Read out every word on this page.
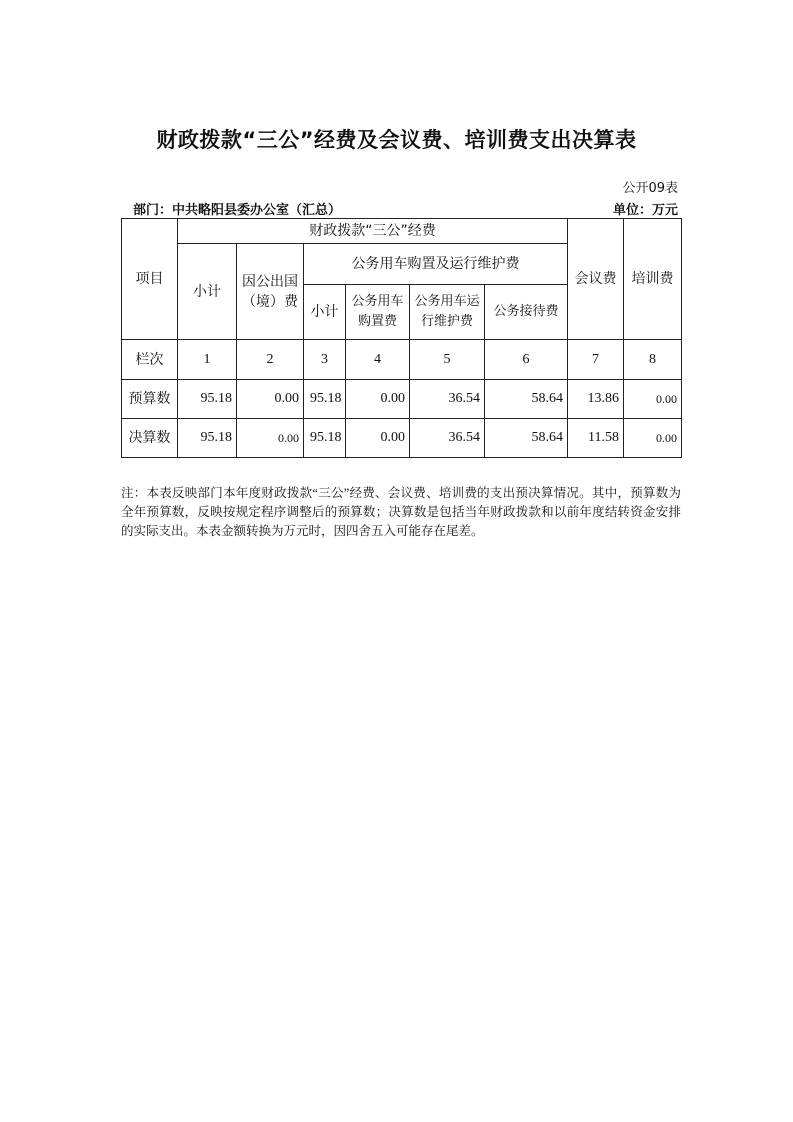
财政拨款“三公”经费及会议费、培训费支出决算表
公开09表
部门：中共略阳县委办公室（汇总）	单位：万元
项目	财政拨款“三公”经费						会议费	培训费
	小计	因公出国（境）费	公务用车购置及运行维护费					
			小计	公务用车购置费	公务用车运行维护费	公务接待费		
栏次	1	2	3	4	5	6	7	8
预算数	95.18	0.00	95.18	0.00	36.54	58.64	13.86	0.00
决算数	95.18	0.00	95.18	0.00	36.54	58.64	11.58	0.00
注：本表反映部门本年度财政拨款“三公”经费、会议费、培训费的支出预决算情况。其中，预算数为全年预算数，反映按规定程序调整后的预算数；决算数是包括当年财政拨款和以前年度结转资金安排的实际支出。本表金额转换为万元时，因四舍五入可能存在尾差。
